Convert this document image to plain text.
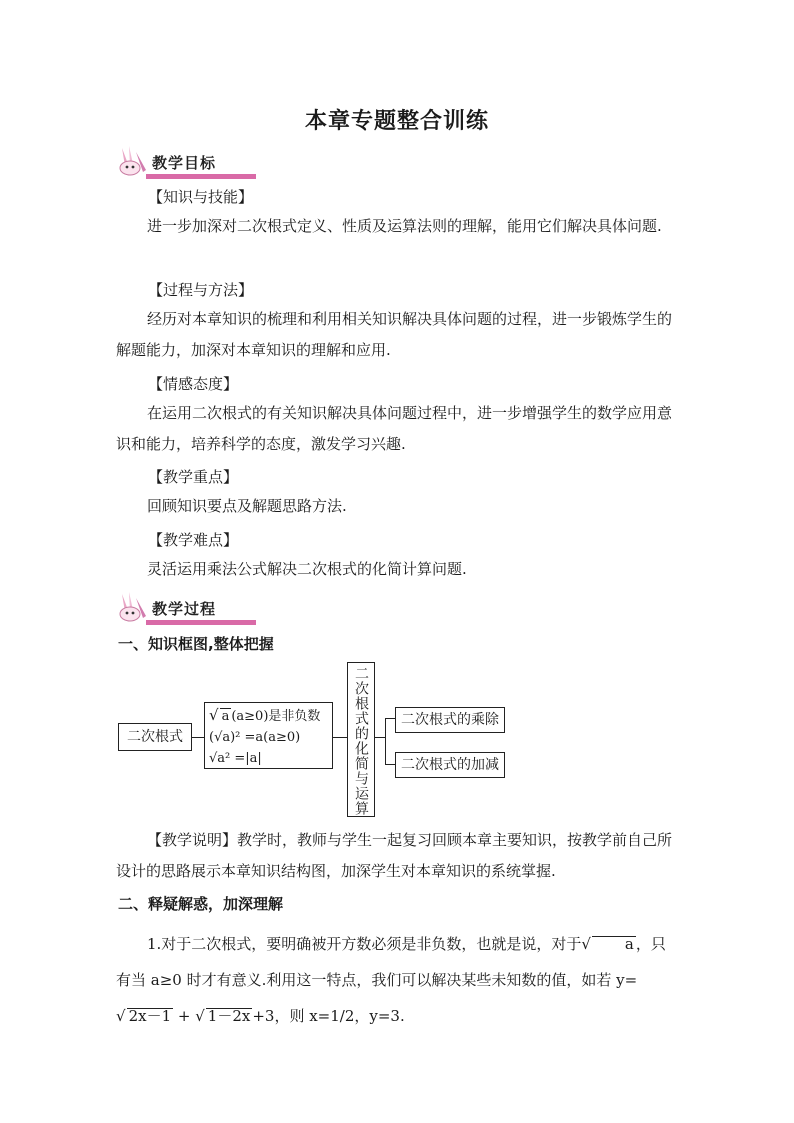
本章专题整合训练
教学目标
【知识与技能】
进一步加深对二次根式定义、性质及运算法则的理解，能用它们解决具体问题.
【过程与方法】
经历对本章知识的梳理和利用相关知识解决具体问题的过程，进一步锻炼学生的解题能力，加深对本章知识的理解和应用.
【情感态度】
在运用二次根式的有关知识解决具体问题过程中，进一步增强学生的数学应用意识和能力，培养科学的态度，激发学习兴趣.
【教学重点】
回顾知识要点及解题思路方法.
【教学难点】
灵活运用乘法公式解决二次根式的化简计算问题.
教学过程
一、知识框图,整体把握
二次根式
√ a (a≥0)是非负数
(√a)² =a(a≥0)
√a² =|a|	二次根式的化简与运算	二次根式的乘除
二次根式的加减
【教学说明】教学时，教师与学生一起复习回顾本章主要知识，按教学前自己所设计的思路展示本章知识结构图，加深学生对本章知识的系统掌握.
二、释疑解惑，加深理解
1.对于二次根式，要明确被开方数必须是非负数，也就是说，对于√ a ，只
有当 a≥0 时才有意义.利用这一特点，我们可以解决某些未知数的值，如若 y=
√ 2x－1 + √ 1－2x +3，则 x=1/2，y=3.
